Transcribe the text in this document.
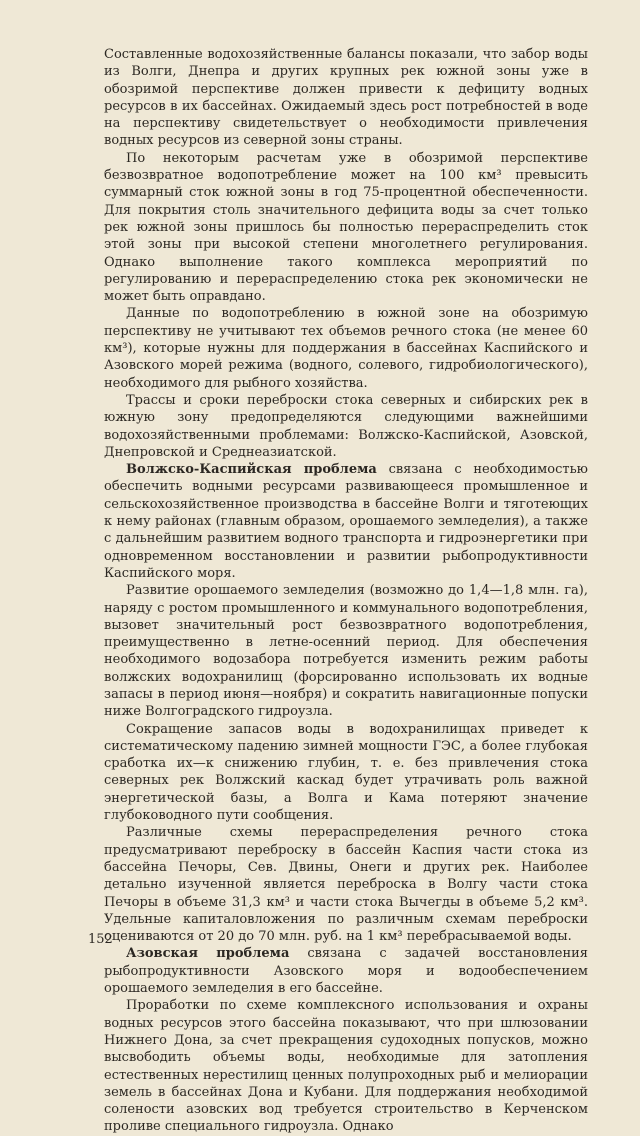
Составленные водохозяйственные балансы показали, что забор воды из Волги, Днепра и других крупных рек южной зоны уже в обозримой перспективе должен привести к дефициту водных ресурсов в их бассейнах. Ожидаемый здесь рост потребностей в воде на перспективу свидетельствует о необходимости привлечения водных ресурсов из северной зоны страны.

По некоторым расчетам уже в обозримой перспективе безвозвратное водопотребление может на 100 км³ превысить суммарный сток южной зоны в год 75-процентной обеспеченности. Для покрытия столь значительного дефицита воды за счет только рек южной зоны пришлось бы полностью перераспределить сток этой зоны при высокой степени многолетнего регулирования. Однако выполнение такого комплекса мероприятий по регулированию и перераспределению стока рек экономически не может быть оправдано.

Данные по водопотреблению в южной зоне на обозримую перспективу не учитывают тех объемов речного стока (не менее 60 км³), которые нужны для поддержания в бассейнах Каспийского и Азовского морей режима (водного, солевого, гидробиологического), необходимого для рыбного хозяйства.

Трассы и сроки переброски стока северных и сибирских рек в южную зону предопределяются следующими важнейшими водохозяйственными проблемами: Волжско-Каспийской, Азовской, Днепровской и Среднеазиатской.

Волжско-Каспийская проблема связана с необходимостью обеспечить водными ресурсами развивающееся промышленное и сельскохозяйственное производства в бассейне Волги и тяготеющих к нему районах (главным образом, орошаемого земледелия), а также с дальнейшим развитием водного транспорта и гидроэнергетики при одновременном восстановлении и развитии рыбопродуктивности Каспийского моря.

Развитие орошаемого земледелия (возможно до 1,4—1,8 млн. га), наряду с ростом промышленного и коммунального водопотребления, вызовет значительный рост безвозвратного водопотребления, преимущественно в летне-осенний период. Для обеспечения необходимого водозабора потребуется изменить режим работы волжских водохранилищ (форсированно использовать их водные запасы в период июня—ноября) и сократить навигационные попуски ниже Волгоградского гидроузла.

Сокращение запасов воды в водохранилищах приведет к систематическому падению зимней мощности ГЭС, а более глубокая сработка их—к снижению глубин, т. е. без привлечения стока северных рек Волжский каскад будет утрачивать роль важной энергетической базы, а Волга и Кама потеряют значение глубоководного пути сообщения.

Различные схемы перераспределения речного стока предусматривают переброску в бассейн Каспия части стока из бассейна Печоры, Сев. Двины, Онеги и других рек. Наиболее детально изученной является переброска в Волгу части стока Печоры в объеме 31,3 км³ и части стока Вычегды в объеме 5,2 км³. Удельные капиталовложения по различным схемам переброски оцениваются от 20 до 70 млн. руб. на 1 км³ перебрасываемой воды.

Азовская проблема связана с задачей восстановления рыбопродуктивности Азовского моря и водообеспечением орошаемого земледелия в его бассейне.

Проработки по схеме комплексного использования и охраны водных ресурсов этого бассейна показывают, что при шлюзовании Нижнего Дона, за счет прекращения судоходных попусков, можно высвободить объемы воды, необходимые для затопления естественных нерестилищ ценных полупроходных рыб и мелиорации земель в бассейнах Дона и Кубани. Для поддержания необходимой солености азовских вод требуется строительство в Керченском проливе специального гидроузла. Однако

152
